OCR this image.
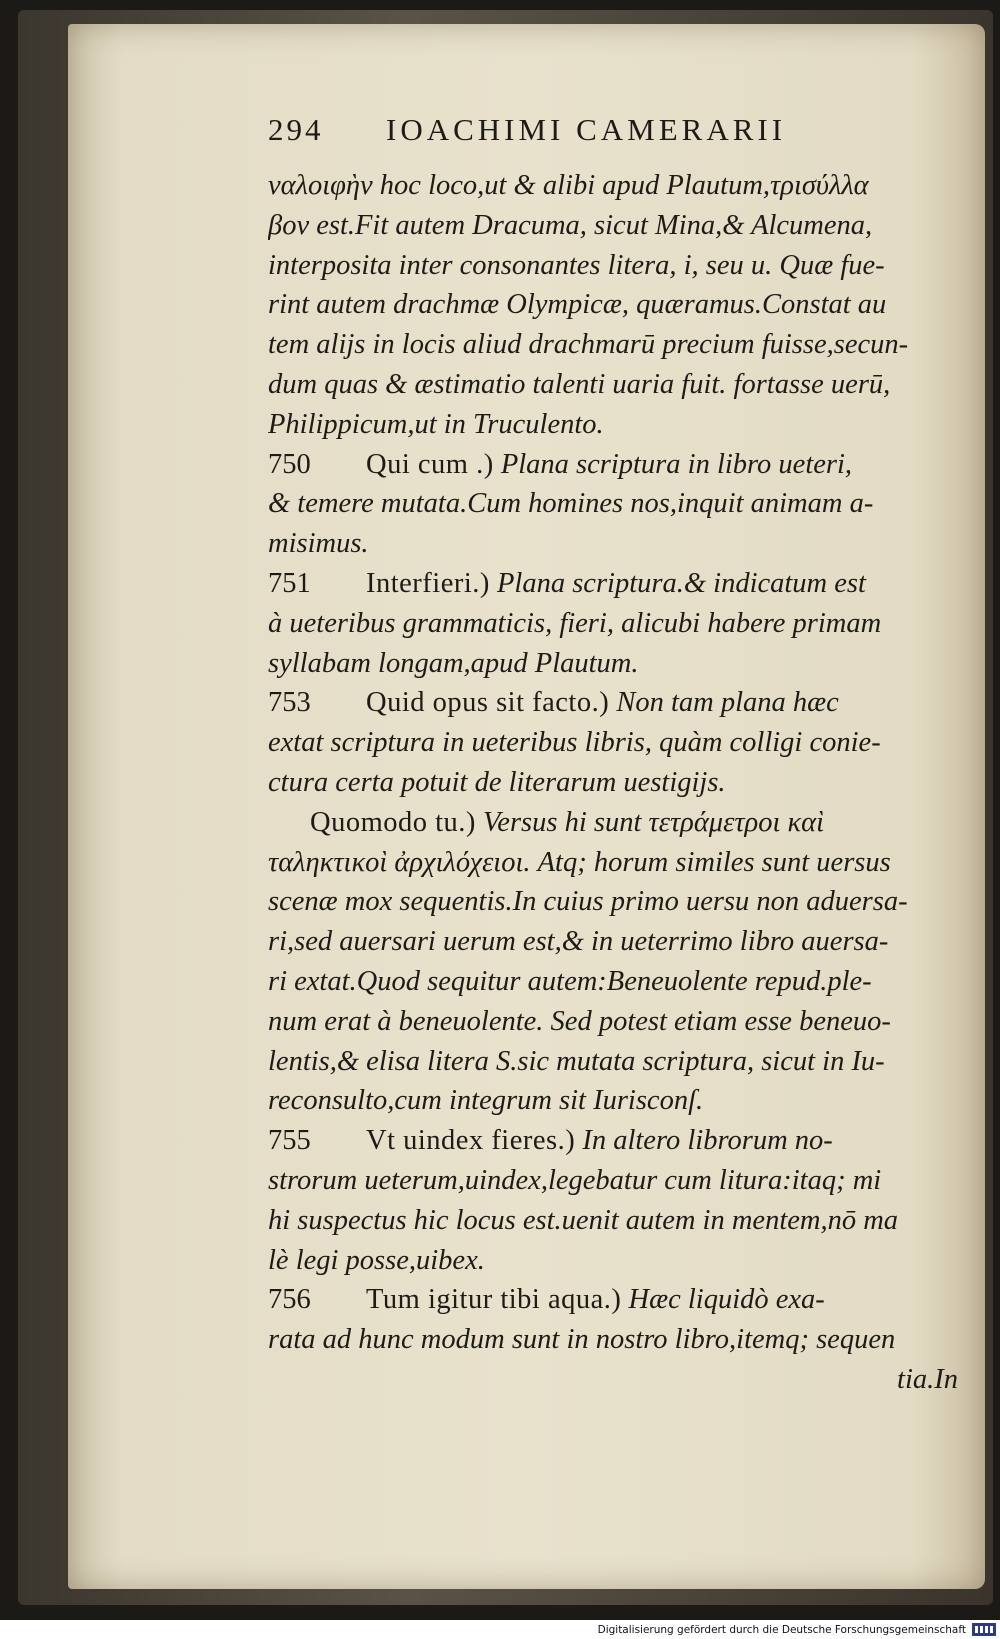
294	IOACHIMI CAMERARII
ναλοιφὴν hoc loco,ut & alibi apud Plautum,τρισύλλα
βον est.Fit autem Dracuma, sicut Mina,& Alcumena,
interposita inter consonantes litera, i, seu u. Quæ fue-
rint autem drachmæ Olympicæ, quæramus.Constat au
tem alijs in locis aliud drachmarū precium fuisse,secun-
dum quas & æstimatio talenti uaria fuit. fortasse uerū,
Philippicum,ut in Truculento.
750 Qui cum .) Plana scriptura in libro ueteri,
& temere mutata.Cum homines nos,inquit animam a-
misimus.
751 Interfieri.) Plana scriptura.& indicatum est
à ueteribus grammaticis, fieri, alicubi habere primam
syllabam longam,apud Plautum.
753 Quid opus sit facto.) Non tam plana hæc
extat scriptura in ueteribus libris, quàm colligi conie-
ctura certa potuit de literarum uestigijs.
Quomodo tu.) Versus hi sunt τετράμετροι καὶ
ταληκτικοὶ ἀρχιλόχειοι. Atq; horum similes sunt uersus
scenæ mox sequentis.In cuius primo uersu non aduersa-
ri,sed auersari uerum est,& in ueterrimo libro auersa-
ri extat.Quod sequitur autem:Beneuolente repud.ple-
num erat à beneuolente. Sed potest etiam esse beneuo-
lentis,& elisa litera S.sic mutata scriptura, sicut in Iu-
reconsulto,cum integrum sit Iurisconſ.
755 Vt uindex fieres.) In altero librorum no-
strorum ueterum,uindex,legebatur cum litura:itaq; mi
hi suspectus hic locus est.uenit autem in mentem,nō ma
lè legi posse,uibex.
756 Tum igitur tibi aqua.) Hæc liquidò exa-
rata ad hunc modum sunt in nostro libro,itemq; sequen
tia.In
Digitalisierung gefördert durch die Deutsche Forschungsgemeinschaft
